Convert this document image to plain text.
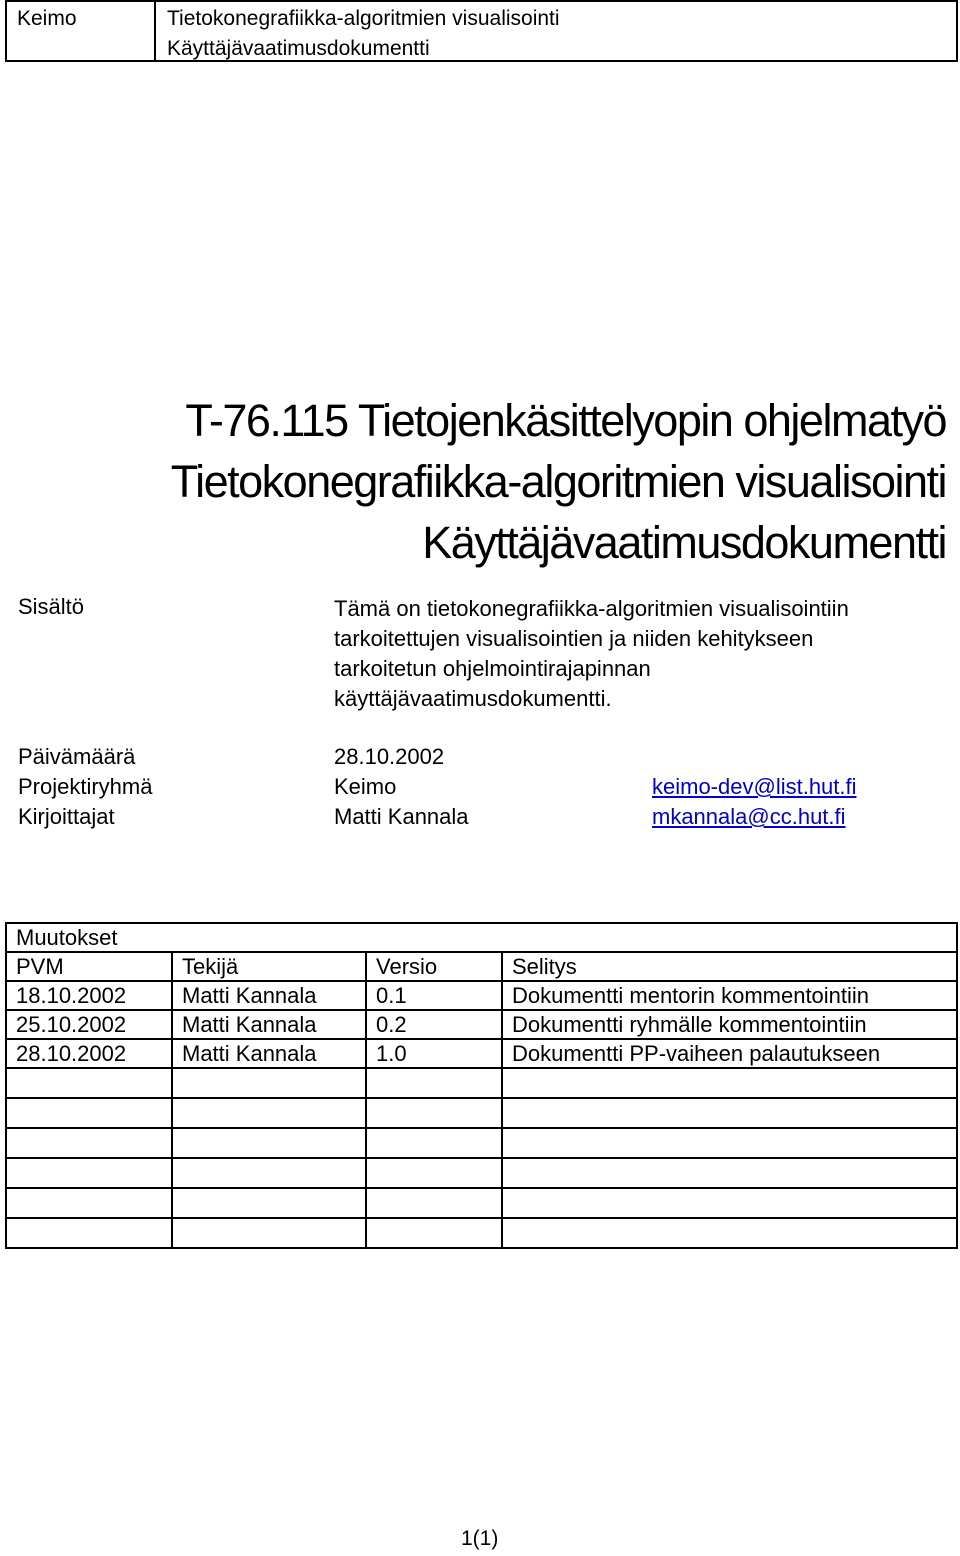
Keimo	Tietokonegrafiikka-algoritmien visualisointi
Käyttäjävaatimusdokumentti
T-76.115 Tietojenkäsittelyopin ohjelmatyö
Tietokonegrafiikka-algoritmien visualisointi
Käyttäjävaatimusdokumentti
Sisältö	Tämä on tietokonegrafiikka-algoritmien visualisointiin
tarkoitettujen visualisointien ja niiden kehitykseen
tarkoitetun ohjelmointirajapinnan
käyttäjävaatimusdokumentti.
Päivämäärä	28.10.2002
Projektiryhmä	Keimo	keimo-dev@list.hut.fi
Kirjoittajat	Matti Kannala	mkannala@cc.hut.fi
Muutokset			
PVM	Tekijä	Versio	Selitys
18.10.2002	Matti Kannala	0.1	Dokumentti mentorin kommentointiin
25.10.2002	Matti Kannala	0.2	Dokumentti ryhmälle kommentointiin
28.10.2002	Matti Kannala	1.0	Dokumentti PP-vaiheen palautukseen

1(1)
